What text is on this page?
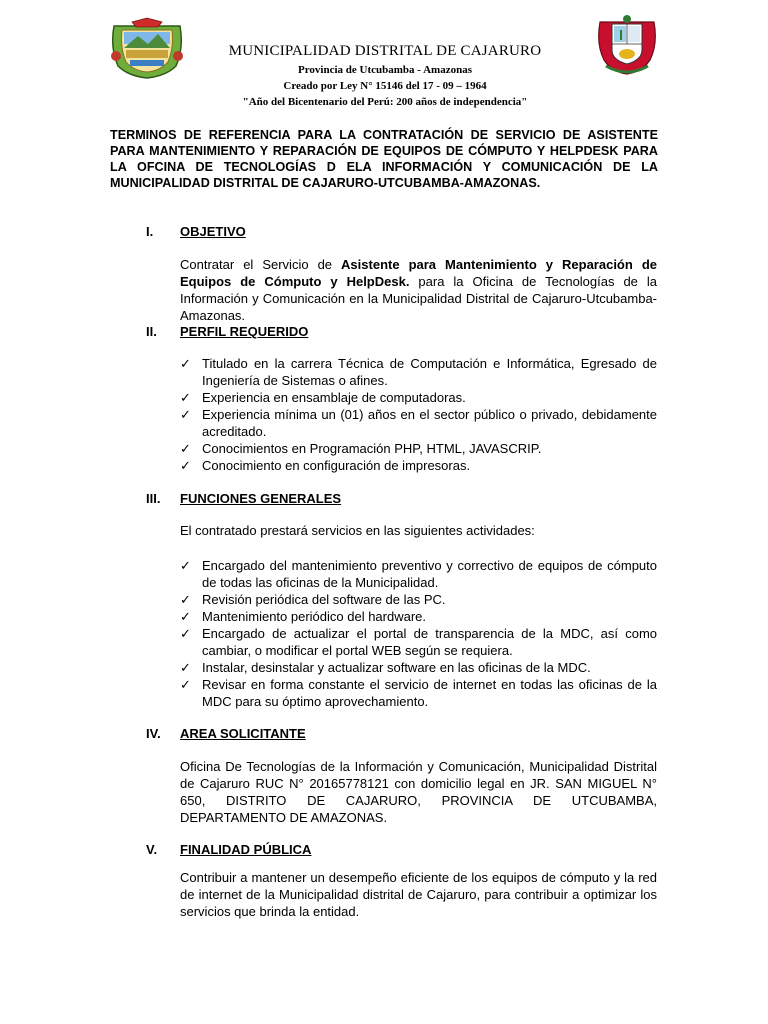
MUNICIPALIDAD DISTRITAL DE CAJARURO
Provincia de Utcubamba - Amazonas
Creado por Ley N° 15146 del 17 - 09 – 1964
"Año del Bicentenario del Perú: 200 años de independencia"
TERMINOS DE REFERENCIA PARA LA CONTRATACIÓN DE SERVICIO DE ASISTENTE PARA MANTENIMIENTO Y REPARACIÓN DE EQUIPOS DE CÓMPUTO Y HELPDESK PARA LA OFCINA DE TECNOLOGÍAS D ELA INFORMACIÓN Y COMUNICACIÓN DE LA MUNICIPALIDAD DISTRITAL DE CAJARURO-UTCUBAMBA-AMAZONAS.
I. OBJETIVO
Contratar el Servicio de Asistente para Mantenimiento y Reparación de Equipos de Cómputo y HelpDesk. para la Oficina de Tecnologías de la Información y Comunicación en la Municipalidad Distrital de Cajaruro-Utcubamba-Amazonas.
II. PERFIL REQUERIDO
✓ Titulado en la carrera Técnica de Computación e Informática, Egresado de Ingeniería de Sistemas o afines.
✓ Experiencia en ensamblaje de computadoras.
✓ Experiencia mínima un (01) años en el sector público o privado, debidamente acreditado.
✓ Conocimientos en Programación PHP, HTML, JAVASCRIP.
✓ Conocimiento en configuración de impresoras.
III. FUNCIONES GENERALES
El contratado prestará servicios en las siguientes actividades:
✓ Encargado del mantenimiento preventivo y correctivo de equipos de cómputo de todas las oficinas de la Municipalidad.
✓ Revisión periódica del software de las PC.
✓ Mantenimiento periódico del hardware.
✓ Encargado de actualizar el portal de transparencia de la MDC, así como cambiar, o modificar el portal WEB según se requiera.
✓ Instalar, desinstalar y actualizar software en las oficinas de la MDC.
✓ Revisar en forma constante el servicio de internet en todas las oficinas de la MDC para su óptimo aprovechamiento.
IV. AREA SOLICITANTE
Oficina De Tecnologías de la Información y Comunicación, Municipalidad Distrital de Cajaruro RUC N° 20165778121 con domicilio legal en JR. SAN MIGUEL N° 650, DISTRITO DE CAJARURO, PROVINCIA DE UTCUBAMBA, DEPARTAMENTO DE AMAZONAS.
V. FINALIDAD PÚBLICA
Contribuir a mantener un desempeño eficiente de los equipos de cómputo y la red de internet de la Municipalidad distrital de Cajaruro, para contribuir a optimizar los servicios que brinda la entidad.
